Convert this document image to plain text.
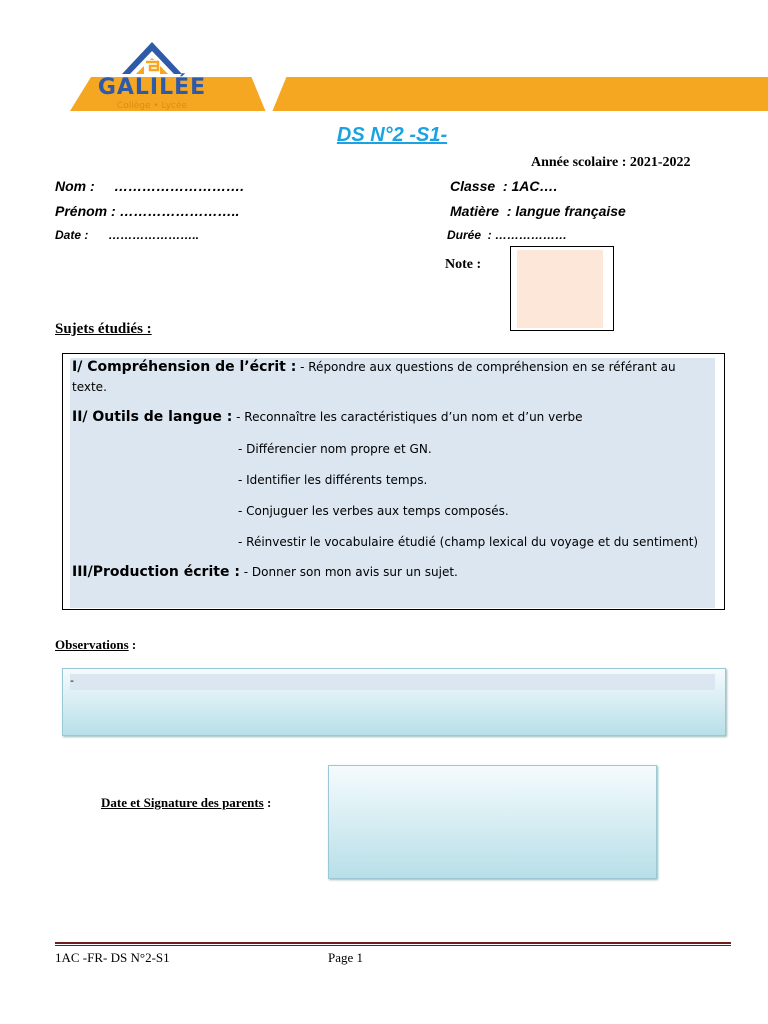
GALILÉE
Collège • Lycée
DS N°2 -S1-
Année scolaire : 2021-2022
Nom :     ……………………….	Classe  : 1AC….
Prénom : ……………………..	Matière  : langue française
Date :      …………………..	Durée  : ………………
Note :
Sujets étudiés :
I/ Compréhension de l’écrit : - Répondre aux questions de compréhension en se référant au
texte.
II/ Outils de langue : - Reconnaître les caractéristiques d’un nom et d’un verbe
- Différencier nom propre et GN.
- Identifier les différents temps.
- Conjuguer les verbes aux temps composés.
- Réinvestir le vocabulaire étudié (champ lexical du voyage et du sentiment)
III/Production écrite : - Donner son mon avis sur un sujet.
Observations :
-
Date et Signature des parents :
1AC -FR- DS N°2-S1	Page 1
